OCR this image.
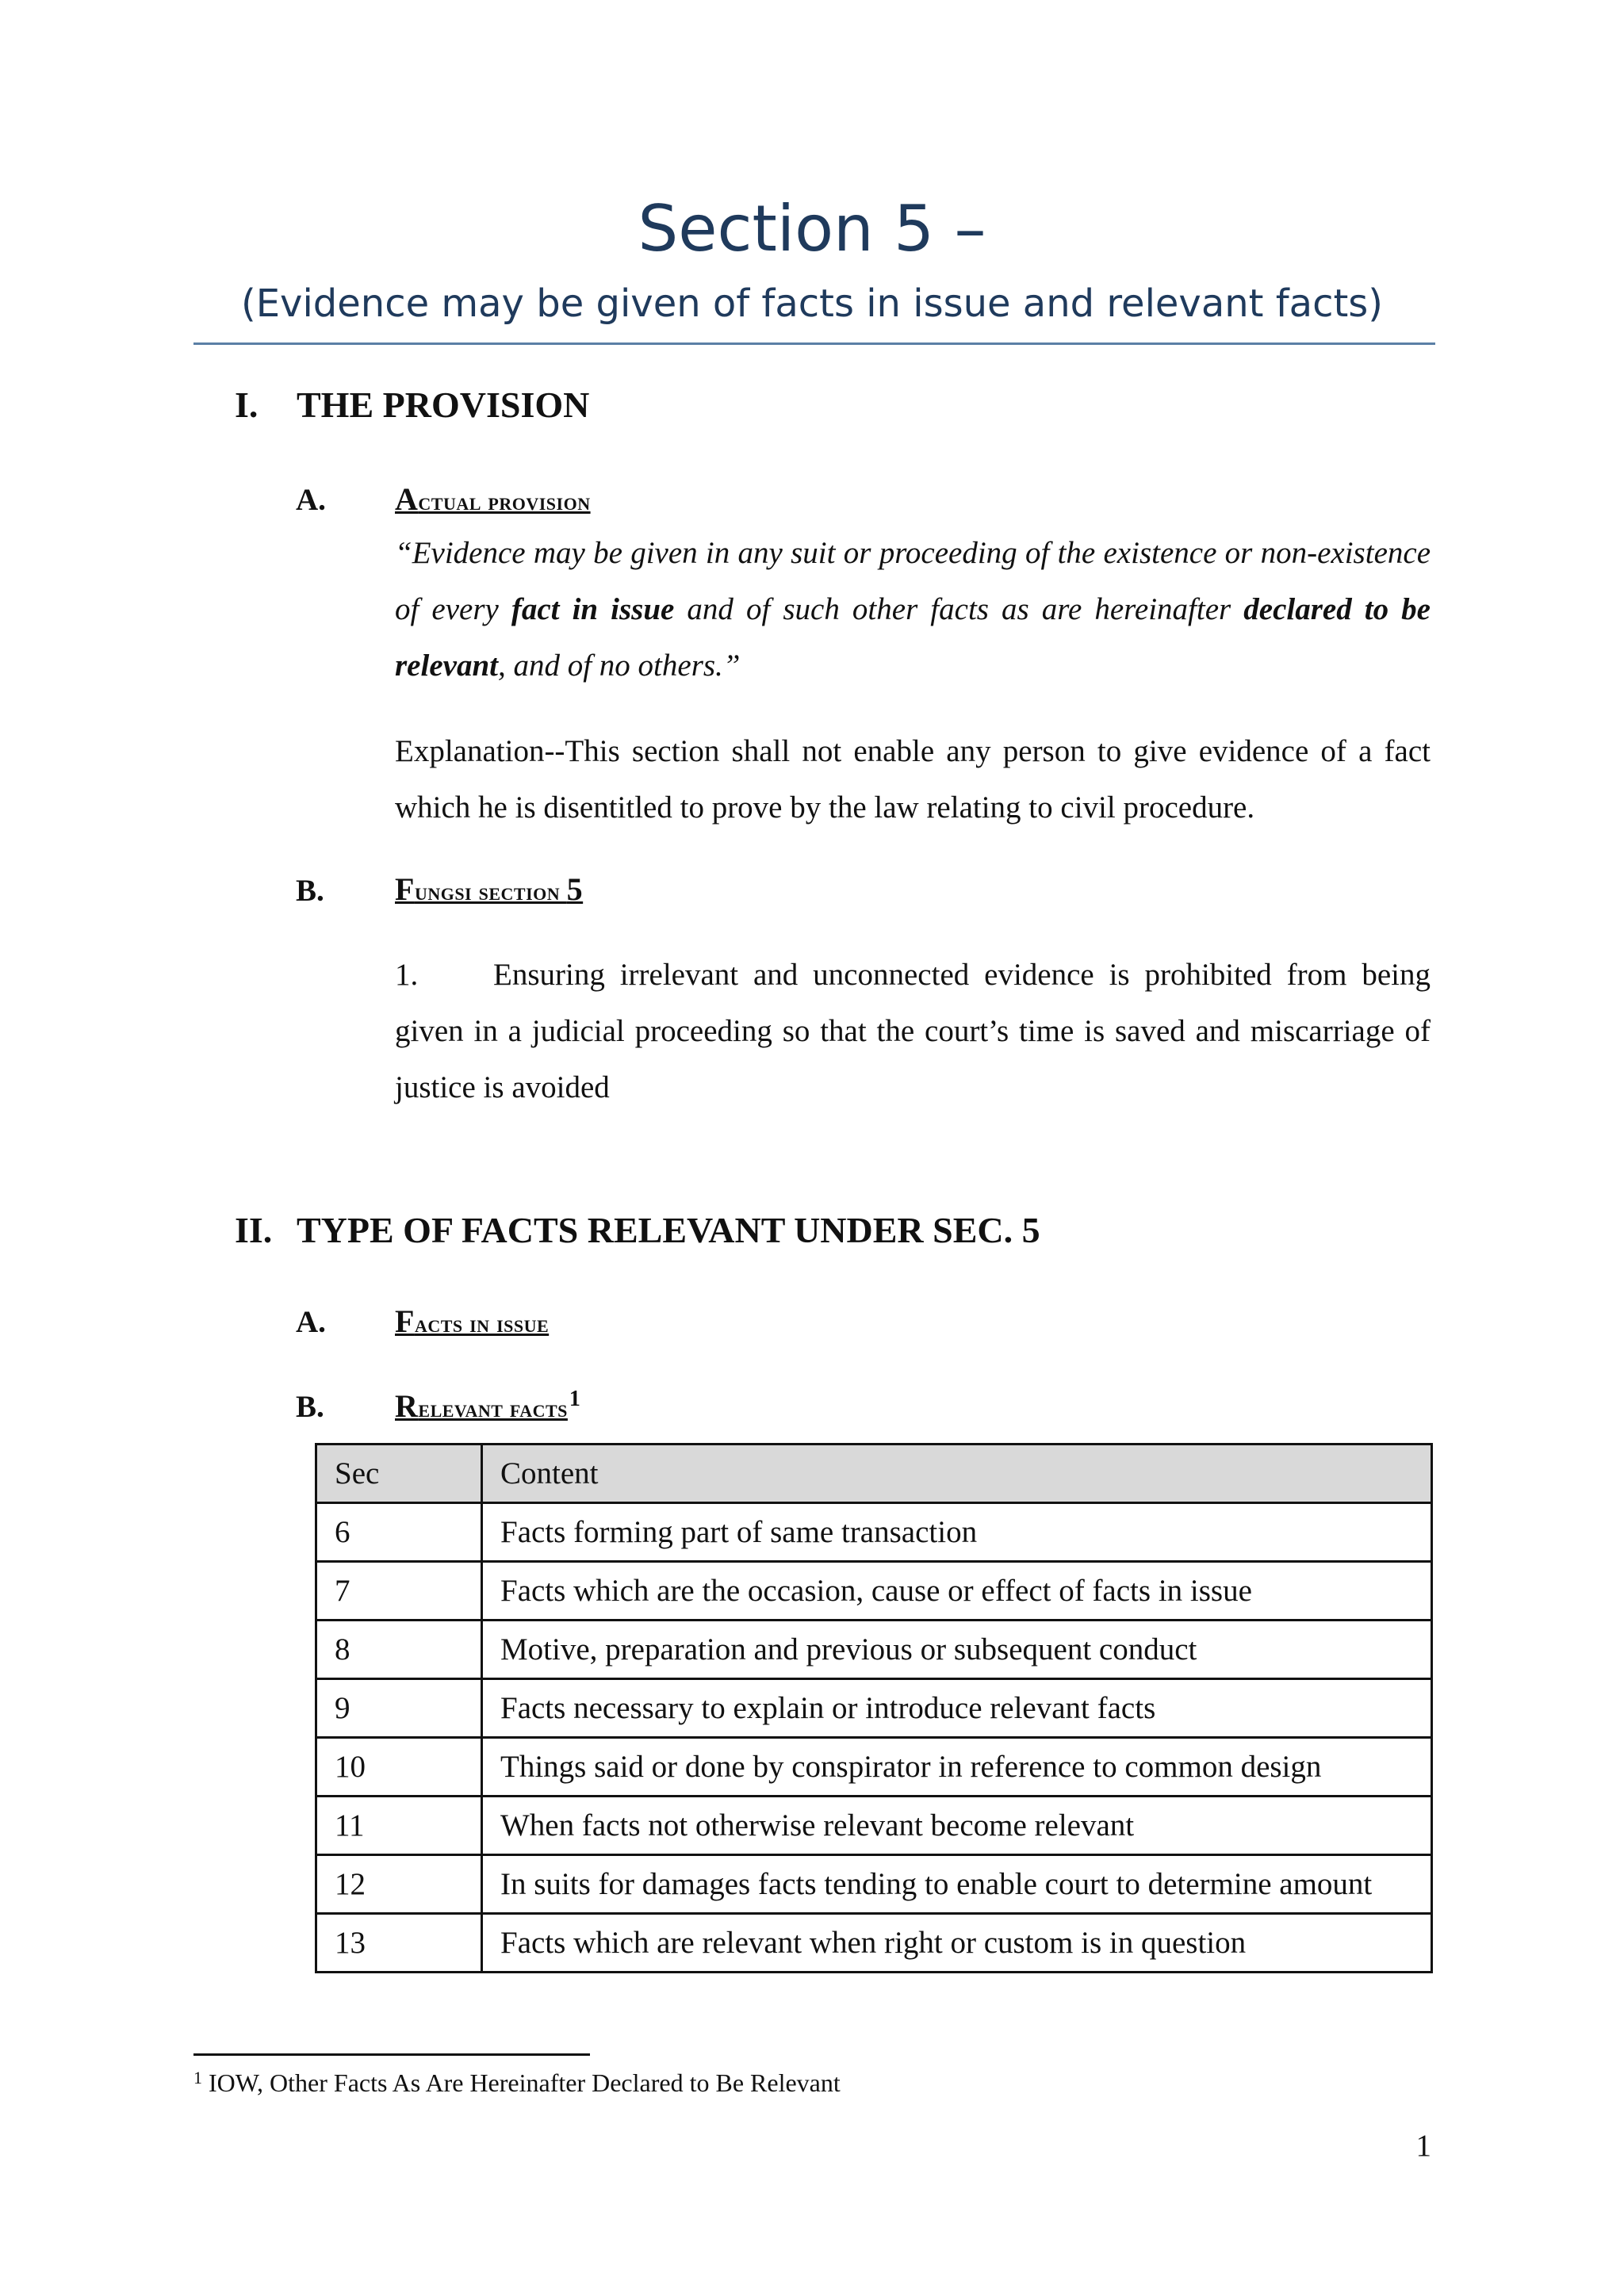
Section 5 –
(Evidence may be given of facts in issue and relevant facts)
I. THE PROVISION
A. Actual provision
“Evidence may be given in any suit or proceeding of the existence or non-existence of every fact in issue and of such other facts as are hereinafter declared to be relevant, and of no others.”
Explanation--This section shall not enable any person to give evidence of a fact which he is disentitled to prove by the law relating to civil procedure.
B. Fungsi section 5
1. Ensuring irrelevant and unconnected evidence is prohibited from being given in a judicial proceeding so that the court’s time is saved and miscarriage of justice is avoided
II. TYPE OF FACTS RELEVANT UNDER SEC. 5
A. Facts in issue
B. Relevant facts$^1$
Sec	Content
6	Facts forming part of same transaction
7	Facts which are the occasion, cause or effect of facts in issue
8	Motive, preparation and previous or subsequent conduct
9	Facts necessary to explain or introduce relevant facts
10	Things said or done by conspirator in reference to common design
11	When facts not otherwise relevant become relevant
12	In suits for damages facts tending to enable court to determine amount
13	Facts which are relevant when right or custom is in question
$^1$ IOW, Other Facts As Are Hereinafter Declared to Be Relevant
1
